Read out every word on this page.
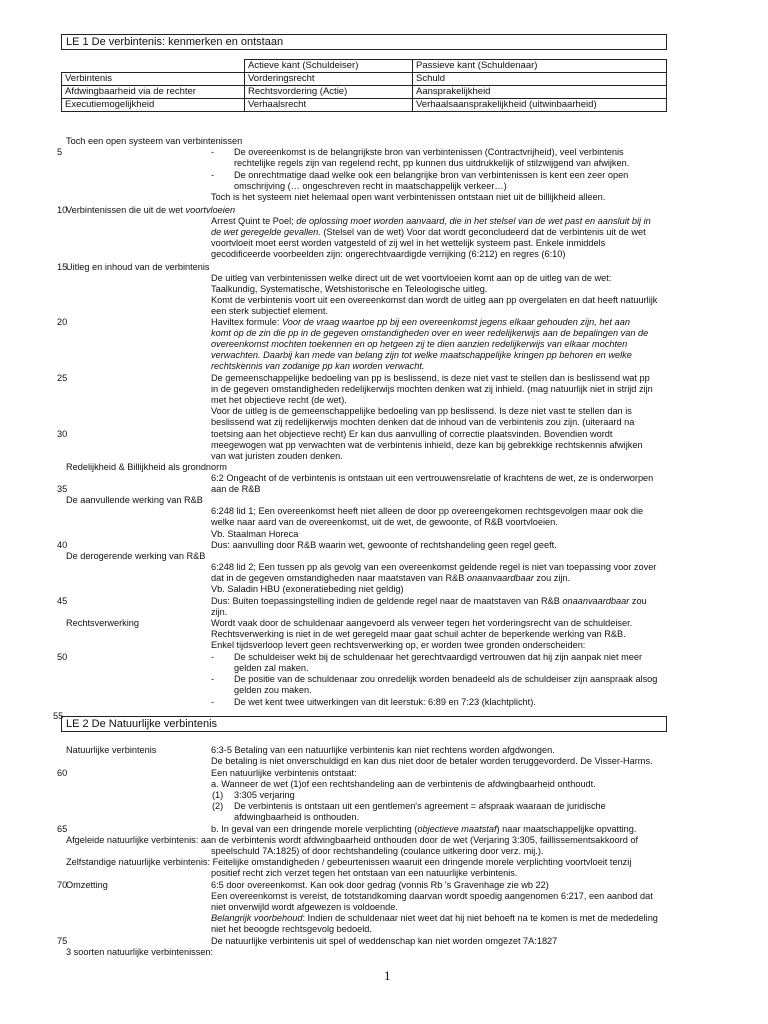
LE 1 De verbintenis: kenmerken en ontstaan
	Actieve kant (Schuldeiser)	Passieve kant (Schuldenaar)
Verbintenis	Vorderingsrecht	Schuld
Afdwingbaarheid via de rechter	Rechtsvordering (Actie)	Aansprakelijkheid
Executiemogelijkheid	Verhaalsrecht	Verhaalsaansprakelijkheid (uitwinbaarheid)
Toch een open systeem van verbintenissen
5	-	De overeenkomst is de belangrijkste bron van verbintenissen (Contractvrijheid), veel verbintenis
rechtelijke regels zijn van regelend recht, pp kunnen dus uitdrukkelijk of stilzwijgend van afwijken.
-	De onrechtmatige daad welke ook een belangrijke bron van verbintenissen is kent een zeer open
omschrijving (… ongeschreven recht in maatschappelijk verkeer…)
Toch is het systeem niet helemaal open want verbintenissen ontstaan niet uit de billijkheid alleen.
10
Verbintenissen die uit de wet voortvloeien
Arrest Quint te Poel; de oplossing moet worden aanvaard, die in het stelsel van de wet past en aansluit bij in
de wet geregelde gevallen. (Stelsel van de wet) Voor dat wordt geconcludeerd dat de verbintenis uit de wet
voortvloeit moet eerst worden vatgesteld of zij wel in het wettelijk systeem past. Enkele inmiddels
gecodificeerde voorbeelden zijn: ongerechtvaardigde verrijking (6:212) en regres (6:10)
15
Uitleg en inhoud van de verbintenis
De uitleg van verbintenissen welke direct uit de wet voortvloeien komt aan op de uitleg van de wet:
Taalkundig, Systematische, Wetshistorische en Teleologische uitleg.
Komt de verbintenis voort uit een overeenkomst dan wordt de uitleg aan pp overgelaten en dat heeft natuurlijk
een sterk subjectief element.
20	Haviltex formule: Voor de vraag waartoe pp bij een overeenkomst jegens elkaar gehouden zijn, het aan
komt op de zin die pp in de gegeven omstandigheden over en weer redelijkerwijs aan de bepalingen van de
overeenkomst mochten toekennen en op hetgeen zij te dien aanzien redelijkerwijs van elkaar mochten
verwachten. Daarbij kan mede van belang zijn tot welke maatschappelijke kringen pp behoren en welke
rechtskennis van zodanige pp kan worden verwacht.
25	De gemeenschappelijke bedoeling van pp is beslissend, is deze niet vast te stellen dan is beslissend wat pp
in de gegeven omstandigheden redelijkerwijs mochten denken wat zij inhield. (mag natuurlijk niet in strijd zijn
met het objectieve recht (de wet).
Voor de uitleg is de gemeenschappelijke bedoeling van pp beslissend. Is deze niet vast te stellen dan is
beslissend wat zij redelijkerwijs mochten denken dat de inhoud van de verbintenis zou zijn. (uiteraard na
30	toetsing aan het objectieve recht) Er kan dus aanvulling of correctie plaatsvinden. Bovendien wordt
meegewogen wat pp verwachten wat de verbintenis inhield, deze kan bij gebrekkige rechtskennis afwijken
van wat juristen zouden denken.
Redelijkheid & Billijkheid als grondnorm
6:2 Ongeacht of de verbintenis is ontstaan uit een vertrouwensrelatie of krachtens de wet, ze is onderworpen
35	aan de R&B
De aanvullende werking van R&B
6:248 lid 1; Een overeenkomst heeft niet alleen de door pp overeengekomen rechtsgevolgen maar ook die
welke naar aard van de overeenkomst, uit de wet, de gewoonte, of R&B voortvloeien.
Vb. Staalman Horeca
40	Dus: aanvulling door R&B waarin wet, gewoonte of rechtshandeling geen regel geeft.
De derogerende werking van R&B
6:248 lid 2; Een tussen pp als gevolg van een overeenkomst geldende regel is niet van toepassing voor zover
dat in de gegeven omstandigheden naar maatstaven van R&B onaanvaardbaar zou zijn.
Vb. Saladin HBU (exoneratiebeding niet geldig)
45	Dus: Buiten toepassingstelling indien de geldende regel naar de maatstaven van R&B onaanvaardbaar zou
zijn.
Rechtsverwerking	Wordt vaak door de schuldenaar aangevoerd als verweer tegen het vorderingsrecht van de schuldeiser.
Rechtsverwerking is niet in de wet geregeld maar gaat schuil achter de beperkende werking van R&B.
Enkel tijdsverloop levert geen rechtsverwerking op, er worden twee gronden onderscheiden:
50	-	De schuldeiser wekt bij de schuldenaar het gerechtvaardigd vertrouwen dat hij zijn aanpak niet meer
gelden zal maken.
-	De positie van de schuldenaar zou onredelijk worden benadeeld als de schuldeiser zijn aanspraak alsog
gelden zou maken.
-	De wet kent twee uitwerkingen van dit leerstuk: 6:89 en 7:23 (klachtplicht).
55
LE 2 De Natuurlijke verbintenis
Natuurlijke verbintenis	6:3-5 Betaling van een natuurlijke verbintenis kan niet rechtens worden afgdwongen.
De betaling is niet onverschuldigd en kan dus niet door de betaler worden teruggevorderd. De Visser-Harms.
60	Een natuurlijke verbintenis ontstaat:
a. Wanneer de wet (1)of een rechtshandeling aan de verbintenis de afdwingbaarheid onthoudt.
(1) 3:305 verjaring
(2) De verbintenis is ontstaan uit een gentlemen's agreement = afspraak waaraan de juridische
afdwingbaarheid is onthouden.
65	b. In geval van een dringende morele verplichting (objectieve maatstaf) naar maatschappelijke opvatting.
Afgeleide natuurlijke verbintenis: aan de verbintenis wordt afdwingbaarheid onthouden door de wet (Verjaring 3:305, faillissementsakkoord of
speelschuld 7A:1825) of door rechtshandeling (coulance uitkering door verz. mij.).
Zelfstandige natuurlijke verbintenis: Feitelijke omstandigheden / gebeurtenissen waaruit een dringende morele verplichting voortvloeit tenzij
positief recht zich verzet tegen het ontstaan van een natuurlijke verbintenis.
70
Omzetting	6:5 door overeenkomst. Kan ook door gedrag (vonnis Rb 's Gravenhage zie wb 22)
Een overeenkomst is vereist, de totstandkoming daarvan wordt spoedig aangenomen 6:217, een aanbod dat
niet onverwijld wordt afgewezen is voldoende.
Belangrijk voorbehoud: Indien de schuldenaar niet weet dat hij niet behoeft na te komen is met de mededeling
niet het beoogde rechtsgevolg bedoeld.
75	De natuurlijke verbintenis uit spel of weddenschap kan niet worden omgezet 7A:1827
3 soorten natuurlijke verbintenissen:
1
